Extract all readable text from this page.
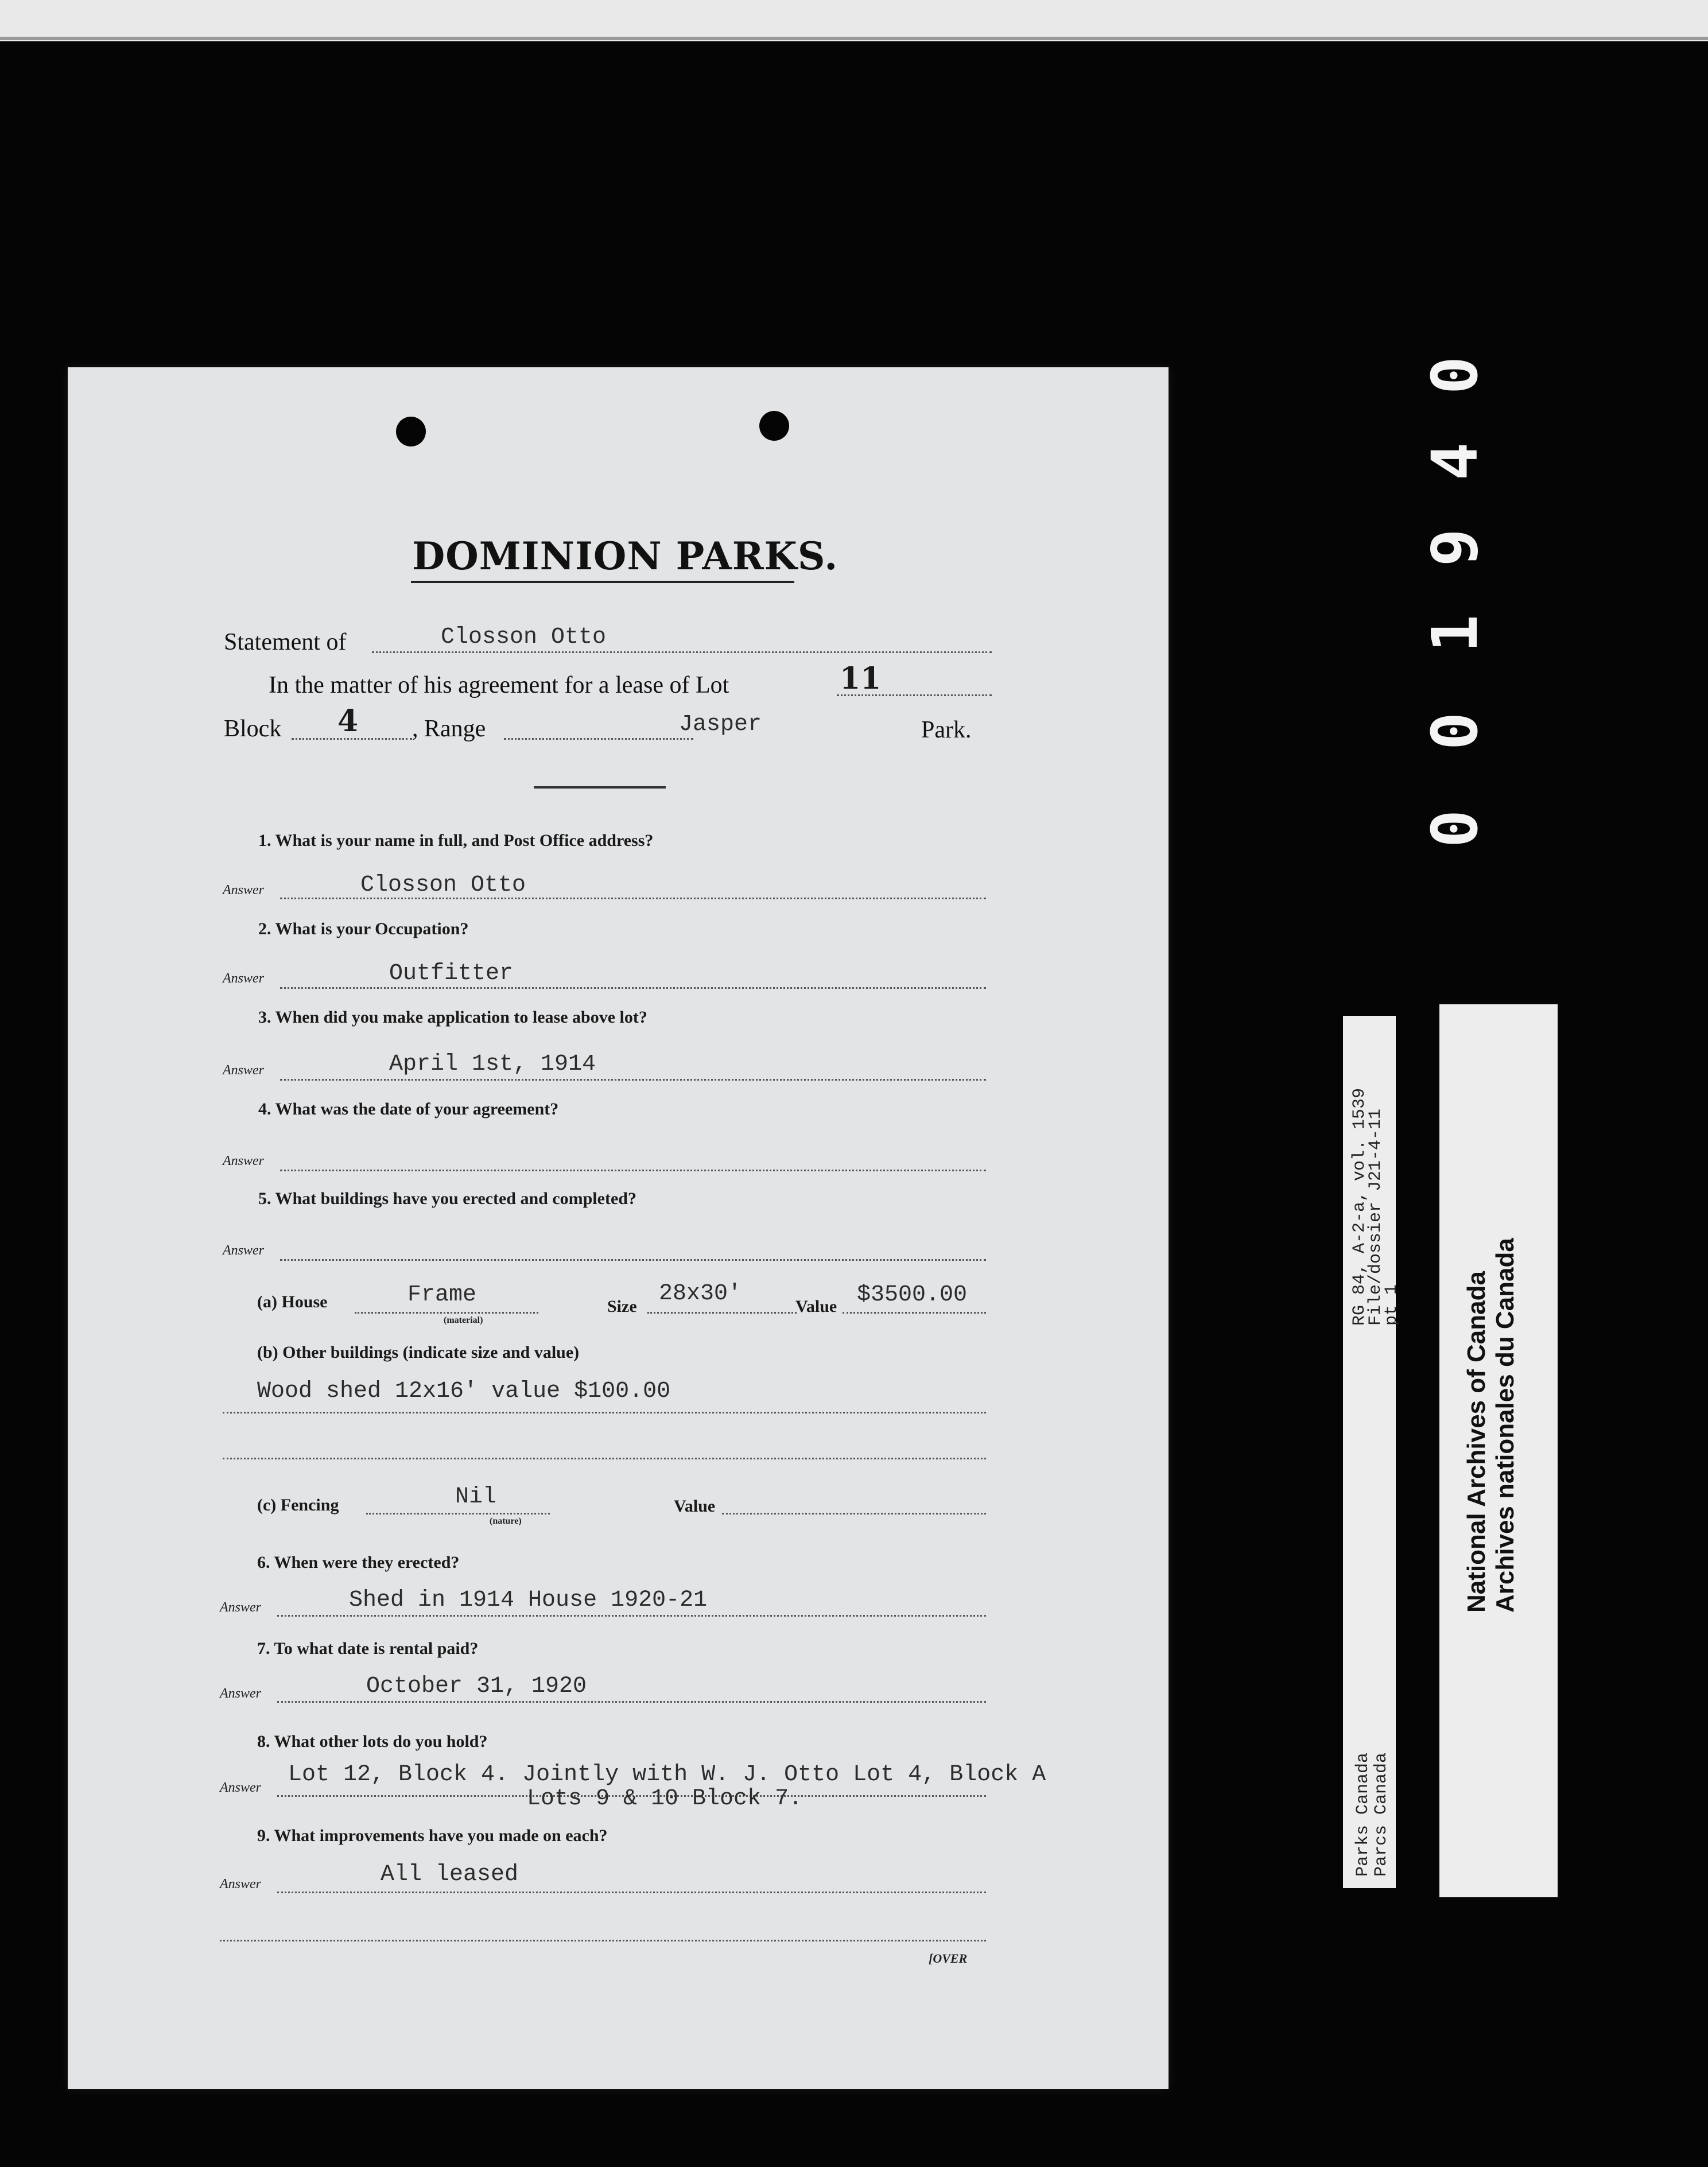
DOMINION PARKS.
Statement of	Closson Otto
In the matter of his agreement for a lease of Lot	11
Block 4 , Range	Jasper	Park.
1. What is your name in full, and Post Office address?
Answer	Closson Otto
2. What is your Occupation?
Answer	Outfitter
3. When did you make application to lease above lot?
Answer	April 1st, 1914
4. What was the date of your agreement?
Answer
5. What buildings have you erected and completed?
Answer
(a) House	Frame
(material)
Size 28x30'	Value $3500.00
(b) Other buildings (indicate size and value)
Wood shed 12x16' value $100.00
(c) Fencing	Nil
(nature)
Value
6. When were they erected?
Answer	Shed in 1914 House 1920-21
7. To what date is rental paid?
Answer	October 31, 1920
8. What other lots do you hold?
Answer Lot 12, Block 4. Jointly with W. J. Otto Lot 4, Block A
Lots 9 & 10 Block 7.
9. What improvements have you made on each?
Answer	All leased
[OVER
0
4
9
1
0
0
RG 84, A-2-a, vol. 1539
File/dossier J21-4-11
pt 1
Parks Canada
Parcs Canada
National Archives of Canada Archives nationales du Canada
